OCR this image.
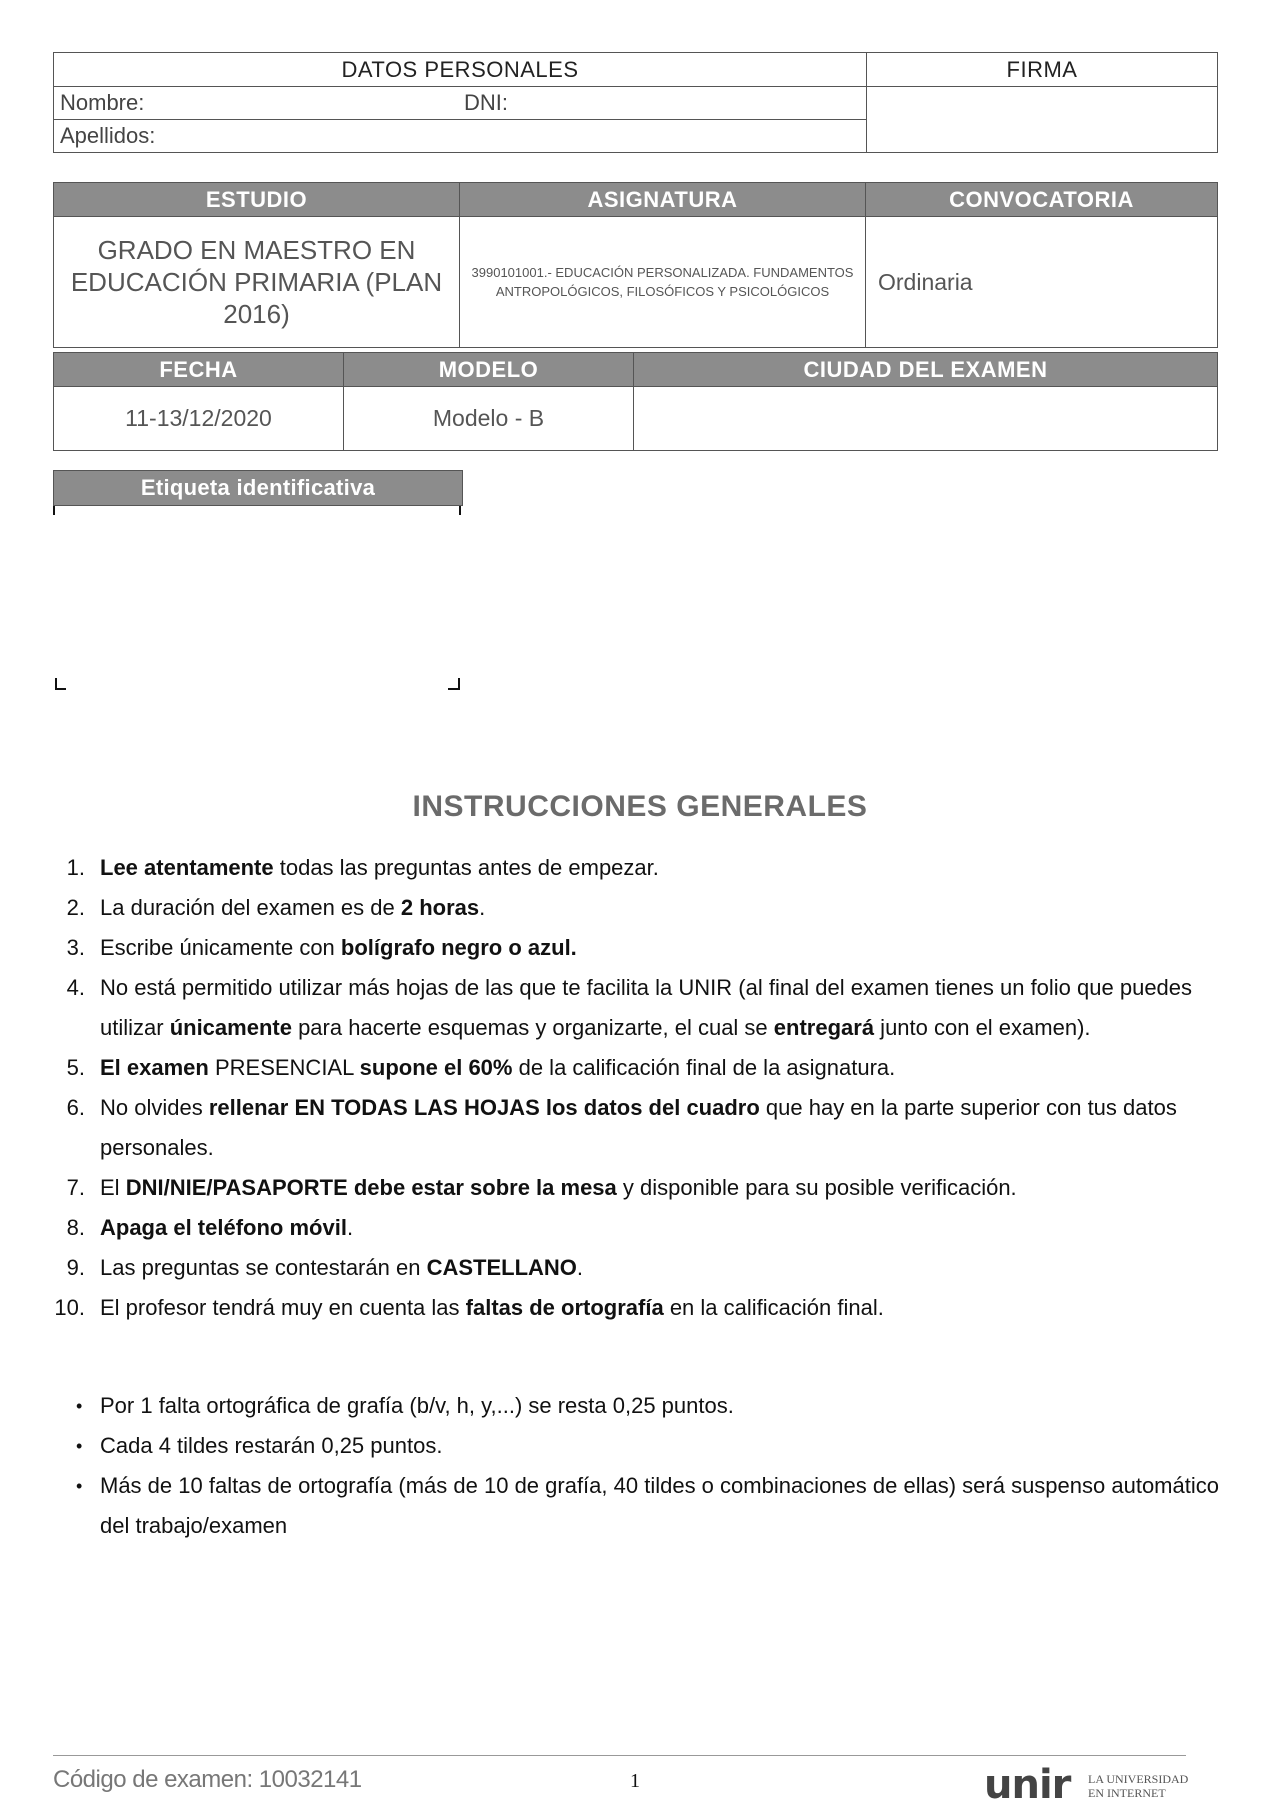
DATOS PERSONALES	FIRMA
Nombre: DNI:	

Apellidos:	
ESTUDIO	ASIGNATURA	CONVOCATORIA
GRADO EN MAESTRO EN EDUCACIÓN PRIMARIA (PLAN 2016)	3990101001.- EDUCACIÓN PERSONALIZADA. FUNDAMENTOS ANTROPOLÓGICOS, FILOSÓFICOS Y PSICOLÓGICOS	Ordinaria
FECHA	MODELO	CIUDAD DEL EXAMEN
11-13/12/2020	Modelo - B	
Etiqueta identificativa
INSTRUCCIONES GENERALES
1. Lee atentamente todas las preguntas antes de empezar.
2. La duración del examen es de 2 horas.
3. Escribe únicamente con bolígrafo negro o azul.
4. No está permitido utilizar más hojas de las que te facilita la UNIR (al final del examen tienes un folio que puedes utilizar únicamente para hacerte esquemas y organizarte, el cual se entregará junto con el examen).
5. El examen PRESENCIAL supone el 60% de la calificación final de la asignatura.
6. No olvides rellenar EN TODAS LAS HOJAS los datos del cuadro que hay en la parte superior con tus datos personales.
7. El DNI/NIE/PASAPORTE debe estar sobre la mesa y disponible para su posible verificación.
8. Apaga el teléfono móvil.
9. Las preguntas se contestarán en CASTELLANO.
10. El profesor tendrá muy en cuenta las faltas de ortografía en la calificación final.
• Por 1 falta ortográfica de grafía (b/v, h, y,...) se resta 0,25 puntos.
• Cada 4 tildes restarán 0,25 puntos.
• Más de 10 faltas de ortografía (más de 10 de grafía, 40 tildes o combinaciones de ellas) será suspenso automático del trabajo/examen
Código de examen: 10032141	1	unir LA UNIVERSIDAD
EN INTERNET
